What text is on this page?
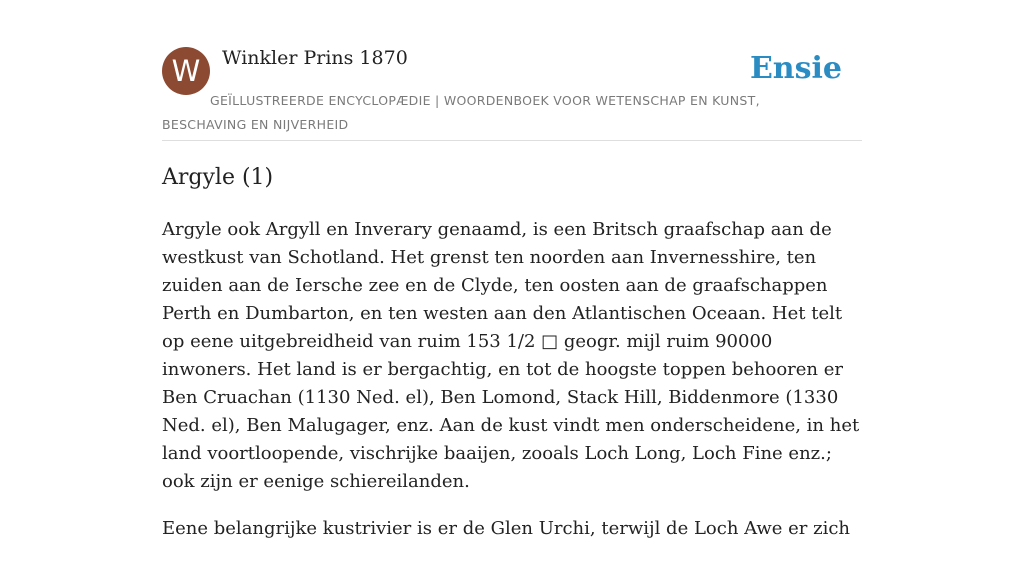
W	Winkler Prins 1870	Ensie
GEÏLLUSTREERDE ENCYCLOPÆDIE | WOORDENBOEK VOOR WETENSCHAP EN KUNST, BESCHAVING EN NIJVERHEID
Argyle (1)

Argyle ook Argyll en Inverary genaamd, is een Britsch graafschap aan de westkust van Schotland. Het grenst ten noorden aan Invernesshire, ten zuiden aan de Iersche zee en de Clyde, ten oosten aan de graafschappen Perth en Dumbarton, en ten westen aan den Atlantischen Oceaan. Het telt op eene uitgebreidheid van ruim 153 1/2 □ geogr. mijl ruim 90000 inwoners. Het land is er bergachtig, en tot de hoogste toppen behooren er Ben Cruachan (1130 Ned. el), Ben Lomond, Stack Hill, Biddenmore (1330 Ned. el), Ben Malugager, enz. Aan de kust vindt men onderscheidene, in het land voortloopende, vischrijke baaijen, zooals Loch Long, Loch Fine enz.; ook zijn er eenige schiereilanden.

Eene belangrijke kustrivier is er de Glen Urchi, terwijl de Loch Awe er zich
